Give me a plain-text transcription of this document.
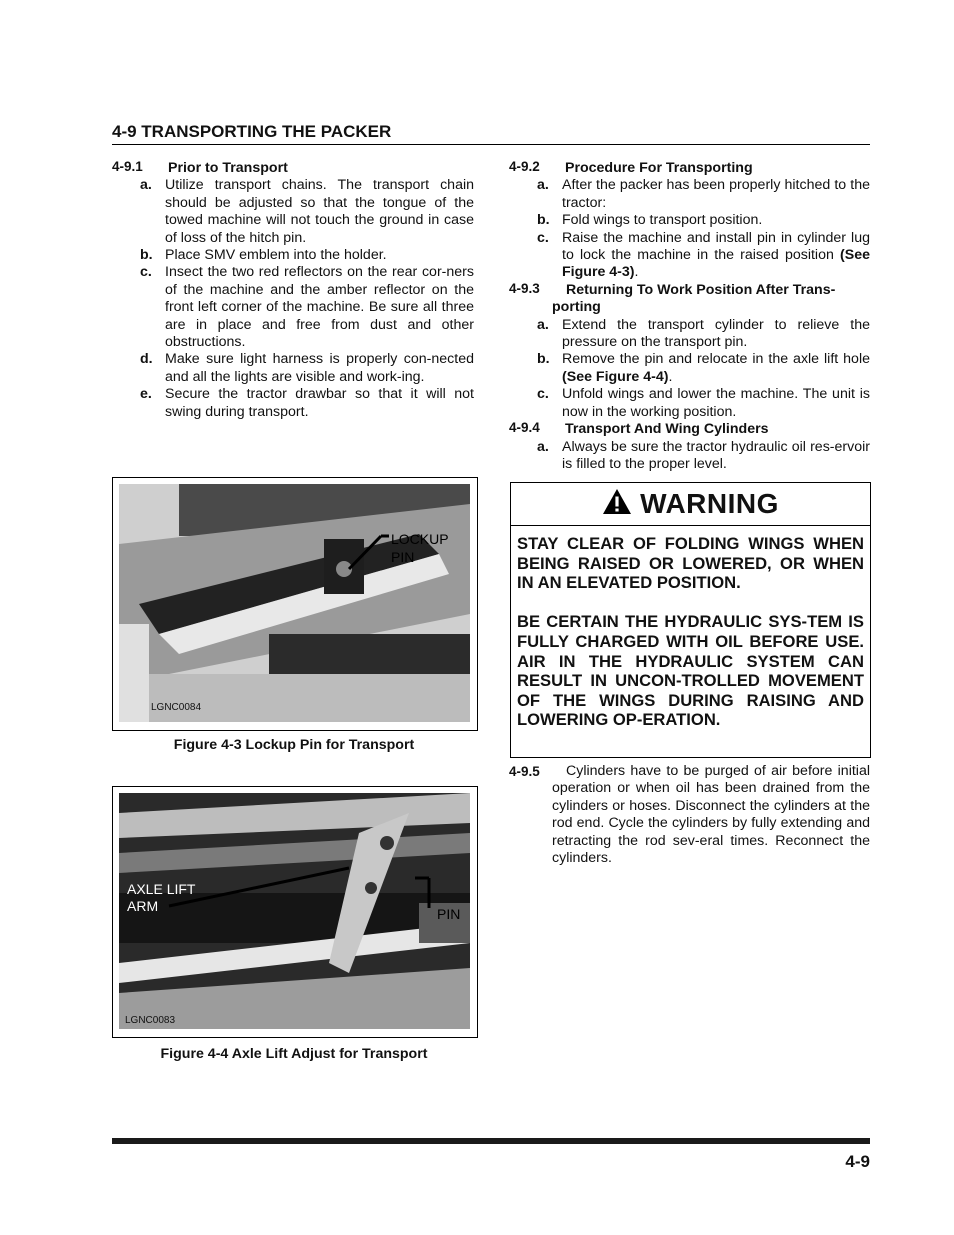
4-9 TRANSPORTING THE PACKER
4-9.1	Prior to Transport
a. Utilize transport chains. The transport chain should be adjusted so that the tongue of the towed machine will not touch the ground in case of loss of the hitch pin.
b. Place SMV emblem into the holder.
c. Insect the two red reflectors on the rear cor-ners of the machine and the amber reflector on the front left corner of the machine. Be sure all three are in place and free from dust and other obstructions.
d. Make sure light harness is properly con-nected and all the lights are visible and work-ing.
e. Secure the tractor drawbar so that it will not swing during transport.
LOCKUP
PIN
LGNC0084
Figure 4-3 Lockup Pin for Transport
AXLE LIFT
ARM	PIN
LGNC0083
Figure 4-4 Axle Lift Adjust for Transport
4-9.2	Procedure For Transporting
a. After the packer has been properly hitched to the tractor:
b. Fold wings to transport position.
c. Raise the machine and install pin in cylinder lug to lock the machine in the raised position (See Figure 4-3).
4-9.3	Returning To Work Position After Trans-porting
a. Extend the transport cylinder to relieve the pressure on the transport pin.
b. Remove the pin and relocate in the axle lift hole (See Figure 4-4).
c. Unfold wings and lower the machine. The unit is now in the working position.
4-9.4	Transport And Wing Cylinders
a. Always be sure the tractor hydraulic oil res-ervoir is filled to the proper level.
WARNING

STAY CLEAR OF FOLDING WINGS WHEN BEING RAISED OR LOWERED, OR WHEN IN AN ELEVATED POSITION.

BE CERTAIN THE HYDRAULIC SYS-TEM IS FULLY CHARGED WITH OIL BEFORE USE. AIR IN THE HYDRAULIC SYSTEM CAN RESULT IN UNCON-TROLLED MOVEMENT OF THE WINGS DURING RAISING AND LOWERING OP-ERATION.

4-9.5	Cylinders have to be purged of air before initial operation or when oil has been drained from the cylinders or hoses. Disconnect the cylinders at the rod end. Cycle the cylinders by fully extending and retracting the rod sev-eral times. Reconnect the cylinders.
4-9
